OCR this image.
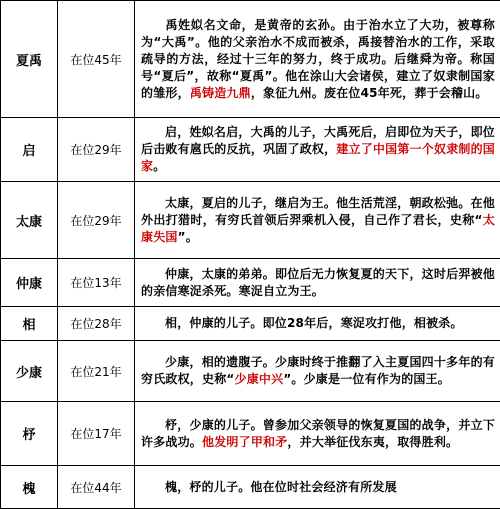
夏禹	在位45年	禹姓姒名文命，是黄帝的玄孙。由于治水立了大功，被尊称为“大禹”。他的父亲治水不成而被杀，禹接替治水的工作，采取疏导的方法，经过十三年的努力，终于成功。后继舜为帝。称国号“夏后”，故称“夏禹”。他在涂山大会诸侯，建立了奴隶制国家的雏形，禹铸造九鼎，象征九州。废在位45年死，葬于会稽山。
启	在位29年	启，姓姒名启，大禹的儿子，大禹死后，启即位为天子，即位后击败有扈氏的反抗，巩固了政权，建立了中国第一个奴隶制的国家。
太康	在位29年	太康，夏启的儿子，继启为王。他生活荒淫，朝政松弛。在他外出打猎时，有穷氏首领后羿乘机入侵，自己作了君长，史称“太康失国”。
仲康	在位13年	仲康，太康的弟弟。即位后无力恢复夏的天下，这时后羿被他的亲信寒浞杀死。寒浞自立为王。
相	在位28年	相，仲康的儿子。即位28年后，寒浞攻打他，相被杀。
少康	在位21年	少康，相的遗腹子。少康时终于推翻了入主夏国四十多年的有穷氏政权，史称“少康中兴”。少康是一位有作为的国王。
杼	在位17年	杼，少康的儿子。曾参加父亲领导的恢复夏国的战争，并立下许多战功。他发明了甲和矛，并大举征伐东夷，取得胜利。
槐	在位44年	槐，杼的儿子。他在位时社会经济有所发展
